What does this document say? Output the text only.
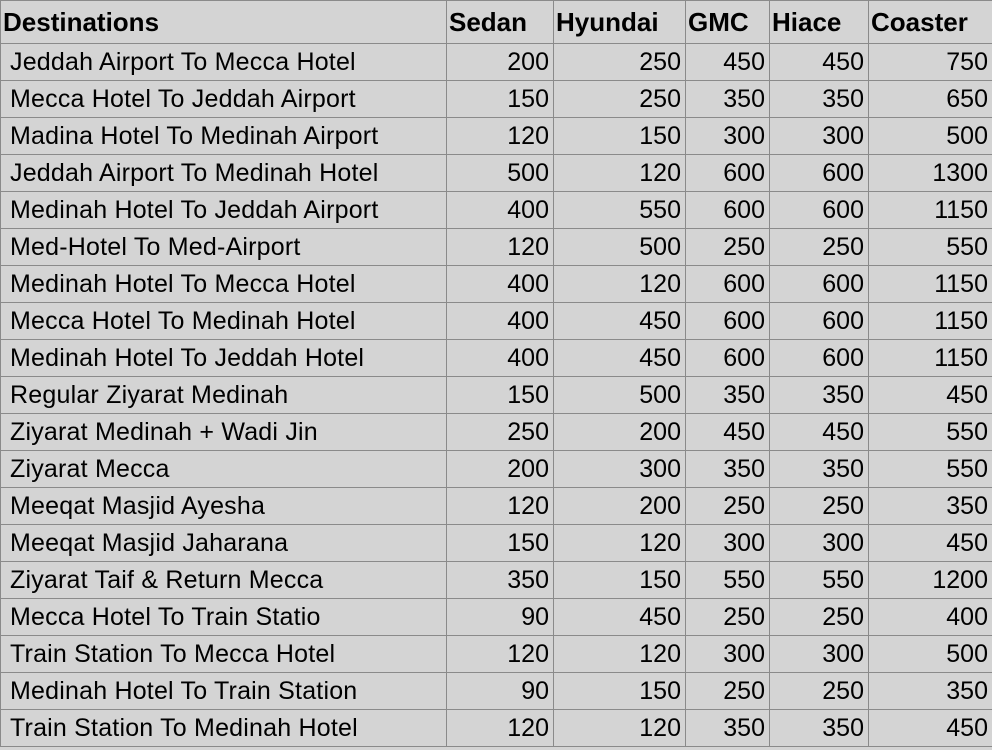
Destinations	Sedan	Hyundai	GMC	Hiace	Coaster
Jeddah Airport To Mecca Hotel	200	250	450	450	750
Mecca Hotel To Jeddah Airport	150	250	350	350	650
Madina Hotel To Medinah Airport	120	150	300	300	500
Jeddah Airport To Medinah Hotel	500	120	600	600	1300
Medinah Hotel To Jeddah Airport	400	550	600	600	1150
Med-Hotel To Med-Airport	120	500	250	250	550
Medinah Hotel To Mecca Hotel	400	120	600	600	1150
Mecca Hotel To Medinah Hotel	400	450	600	600	1150
Medinah Hotel To Jeddah Hotel	400	450	600	600	1150
Regular Ziyarat Medinah	150	500	350	350	450
Ziyarat Medinah + Wadi Jin	250	200	450	450	550
Ziyarat Mecca	200	300	350	350	550
Meeqat Masjid Ayesha	120	200	250	250	350
Meeqat Masjid Jaharana	150	120	300	300	450
Ziyarat Taif & Return Mecca	350	150	550	550	1200
Mecca Hotel To Train Statio	90	450	250	250	400
Train Station To Mecca Hotel	120	120	300	300	500
Medinah Hotel To Train Station	90	150	250	250	350
Train Station To Medinah Hotel	120	120	350	350	450
